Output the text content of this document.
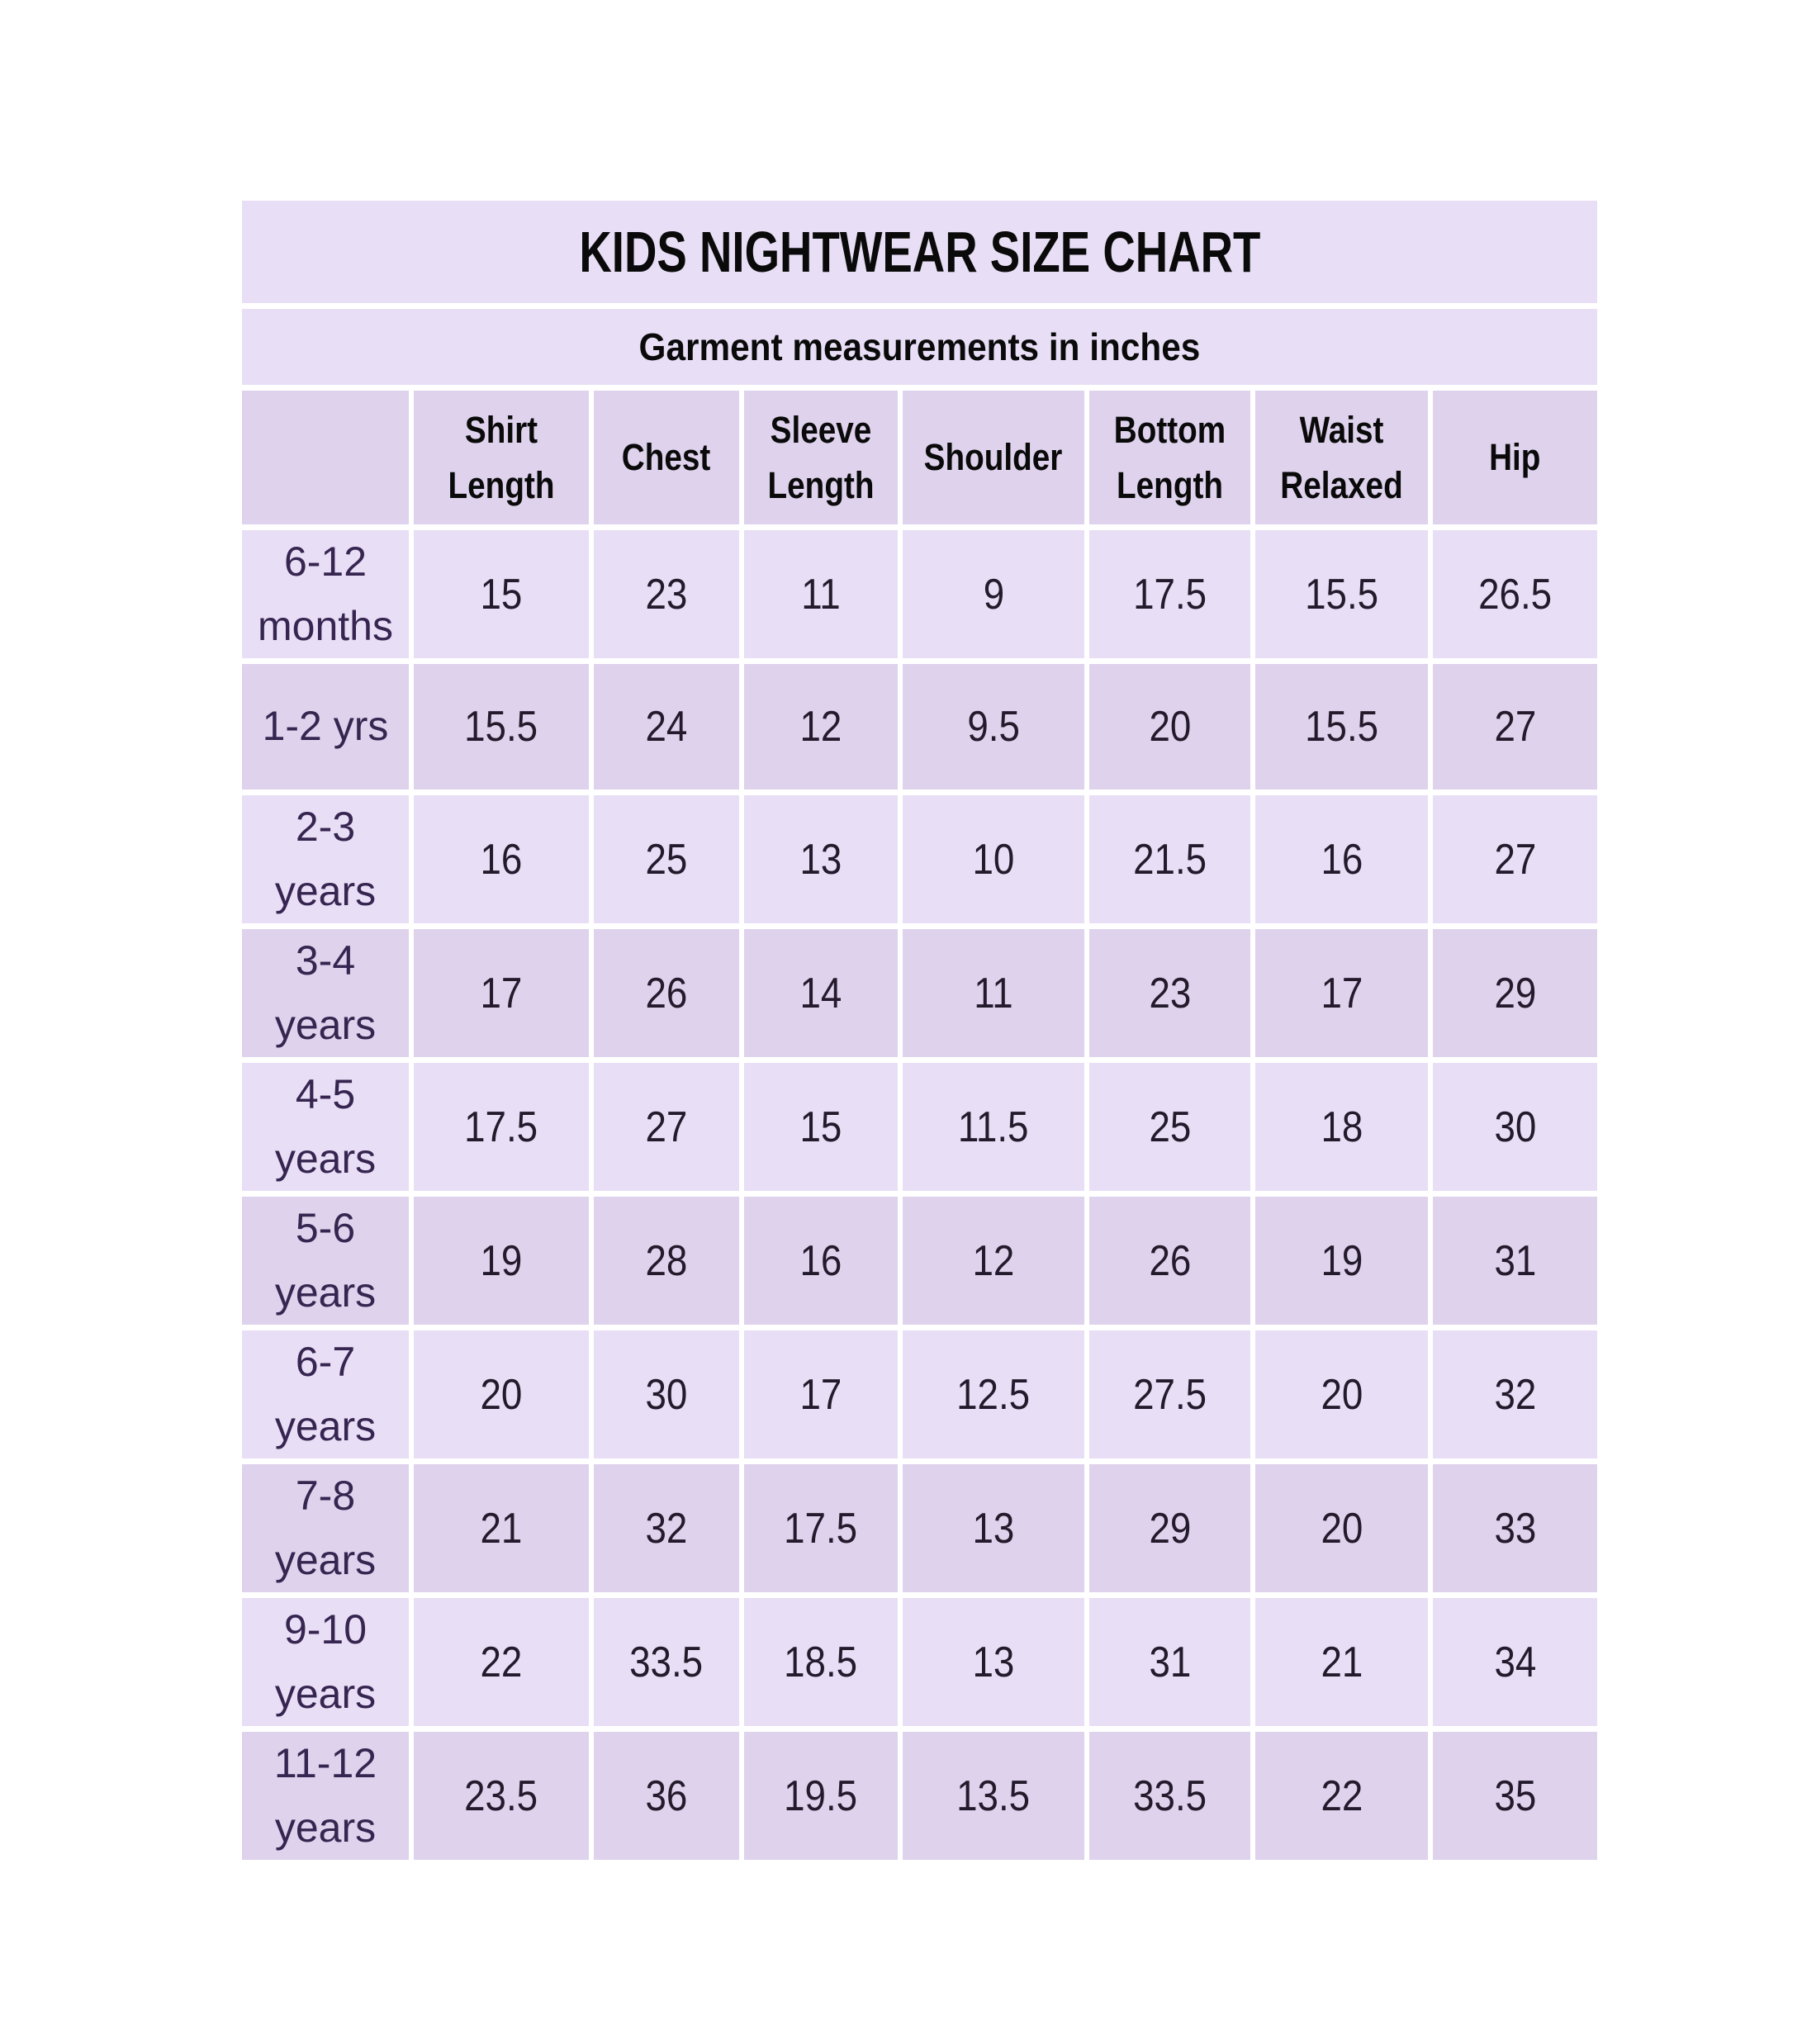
KIDS NIGHTWEAR SIZE CHART							
Garment measurements in inches							
	Shirt Length	Chest	Sleeve Length	Shoulder	Bottom Length	Waist Relaxed	Hip
6-12 months	15	23	11	9	17.5	15.5	26.5
1-2 yrs	15.5	24	12	9.5	20	15.5	27
2-3 years	16	25	13	10	21.5	16	27
3-4 years	17	26	14	11	23	17	29
4-5 years	17.5	27	15	11.5	25	18	30
5-6 years	19	28	16	12	26	19	31
6-7 years	20	30	17	12.5	27.5	20	32
7-8 years	21	32	17.5	13	29	20	33
9-10 years	22	33.5	18.5	13	31	21	34
11-12 years	23.5	36	19.5	13.5	33.5	22	35
